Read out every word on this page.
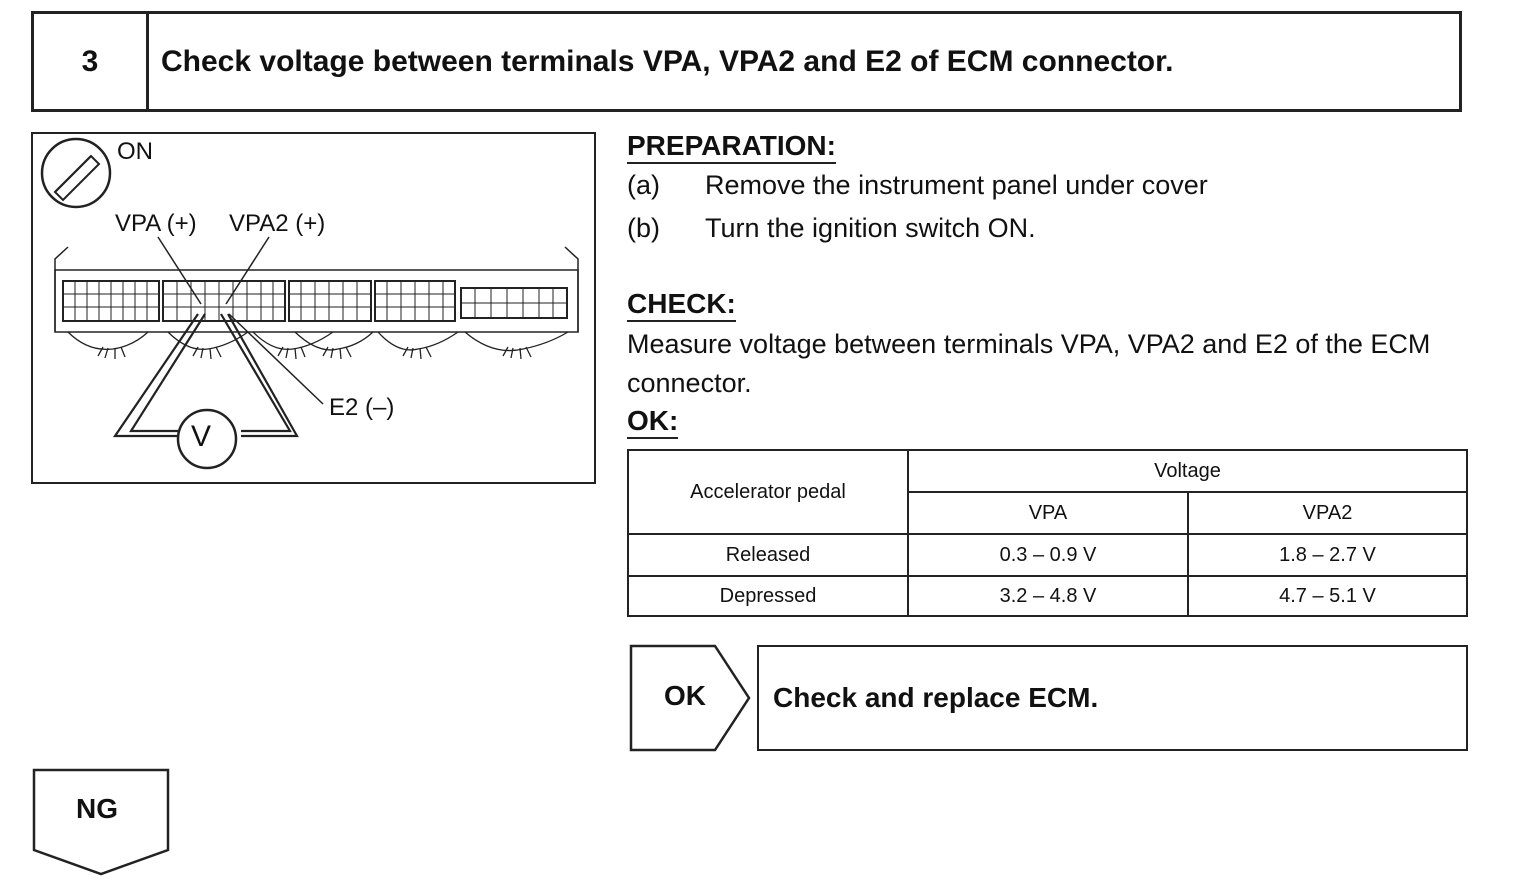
3	Check voltage between terminals VPA, VPA2 and E2 of ECM connector.
ON
VPA (+) VPA2 (+)
E2 (–)
V
PREPARATION:
(a) Remove the instrument panel under cover
(b) Turn the ignition switch ON.
CHECK:
Measure voltage between terminals VPA, VPA2 and E2 of the ECM connector.
OK:
Accelerator pedal	Voltage	
	VPA	VPA2
Released	0.3 – 0.9 V	1.8 – 2.7 V
Depressed	3.2 – 4.8 V	4.7 – 5.1 V
OK Check and replace ECM.
NG
